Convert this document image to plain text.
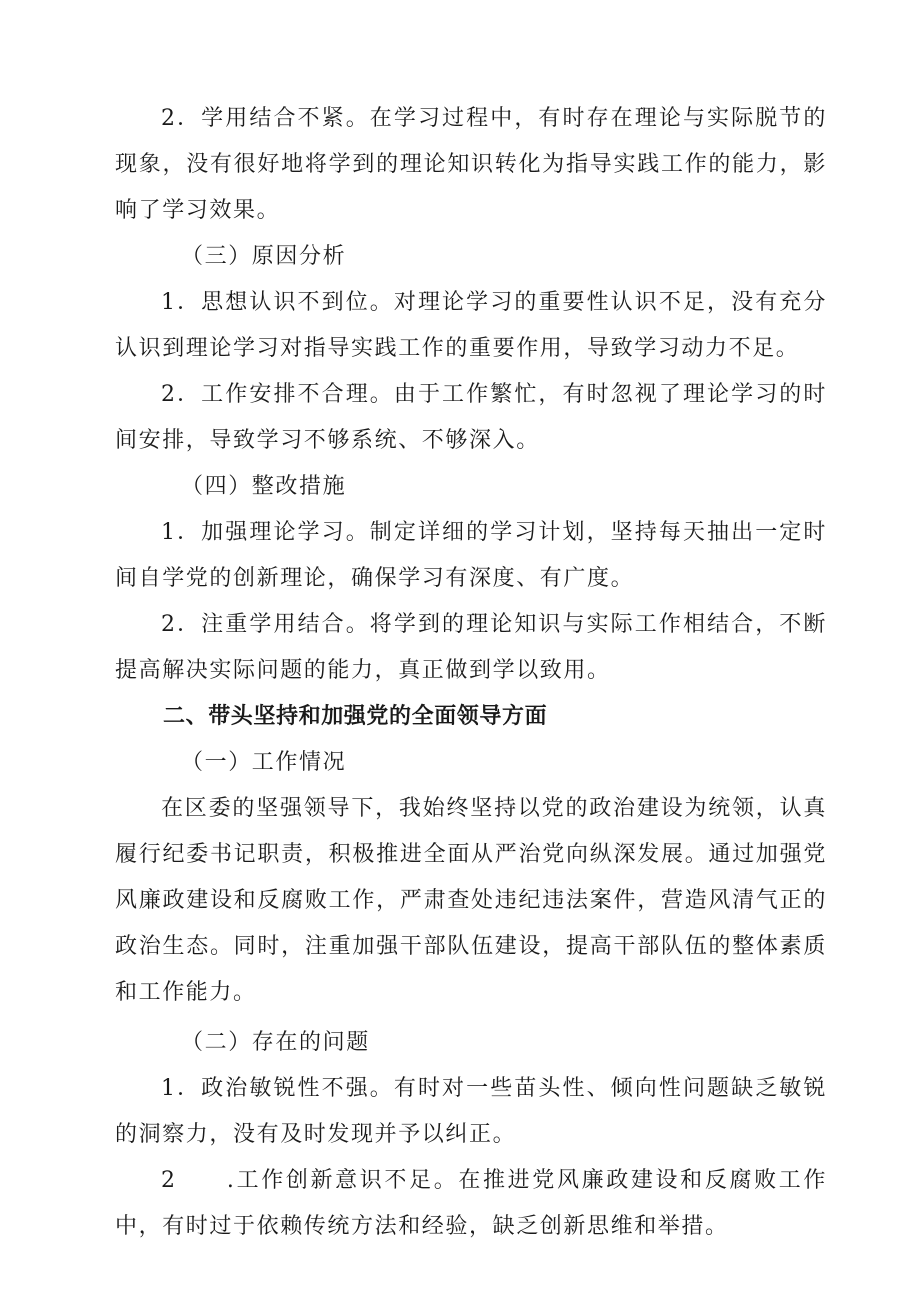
2．学用结合不紧。在学习过程中，有时存在理论与实际脱节的现象，没有很好地将学到的理论知识转化为指导实践工作的能力，影响了学习效果。

（三）原因分析

1．思想认识不到位。对理论学习的重要性认识不足，没有充分认识到理论学习对指导实践工作的重要作用，导致学习动力不足。

2．工作安排不合理。由于工作繁忙，有时忽视了理论学习的时间安排，导致学习不够系统、不够深入。

（四）整改措施

1．加强理论学习。制定详细的学习计划，坚持每天抽出一定时间自学党的创新理论，确保学习有深度、有广度。

2．注重学用结合。将学到的理论知识与实际工作相结合，不断提高解决实际问题的能力，真正做到学以致用。

二、带头坚持和加强党的全面领导方面

（一）工作情况

在区委的坚强领导下，我始终坚持以党的政治建设为统领，认真履行纪委书记职责，积极推进全面从严治党向纵深发展。通过加强党风廉政建设和反腐败工作，严肃查处违纪违法案件，营造风清气正的政治生态。同时，注重加强干部队伍建设，提高干部队伍的整体素质和工作能力。

（二）存在的问题

1．政治敏锐性不强。有时对一些苗头性、倾向性问题缺乏敏锐的洞察力，没有及时发现并予以纠正。

2　　.工作创新意识不足。在推进党风廉政建设和反腐败工作中，有时过于依赖传统方法和经验，缺乏创新思维和举措。
